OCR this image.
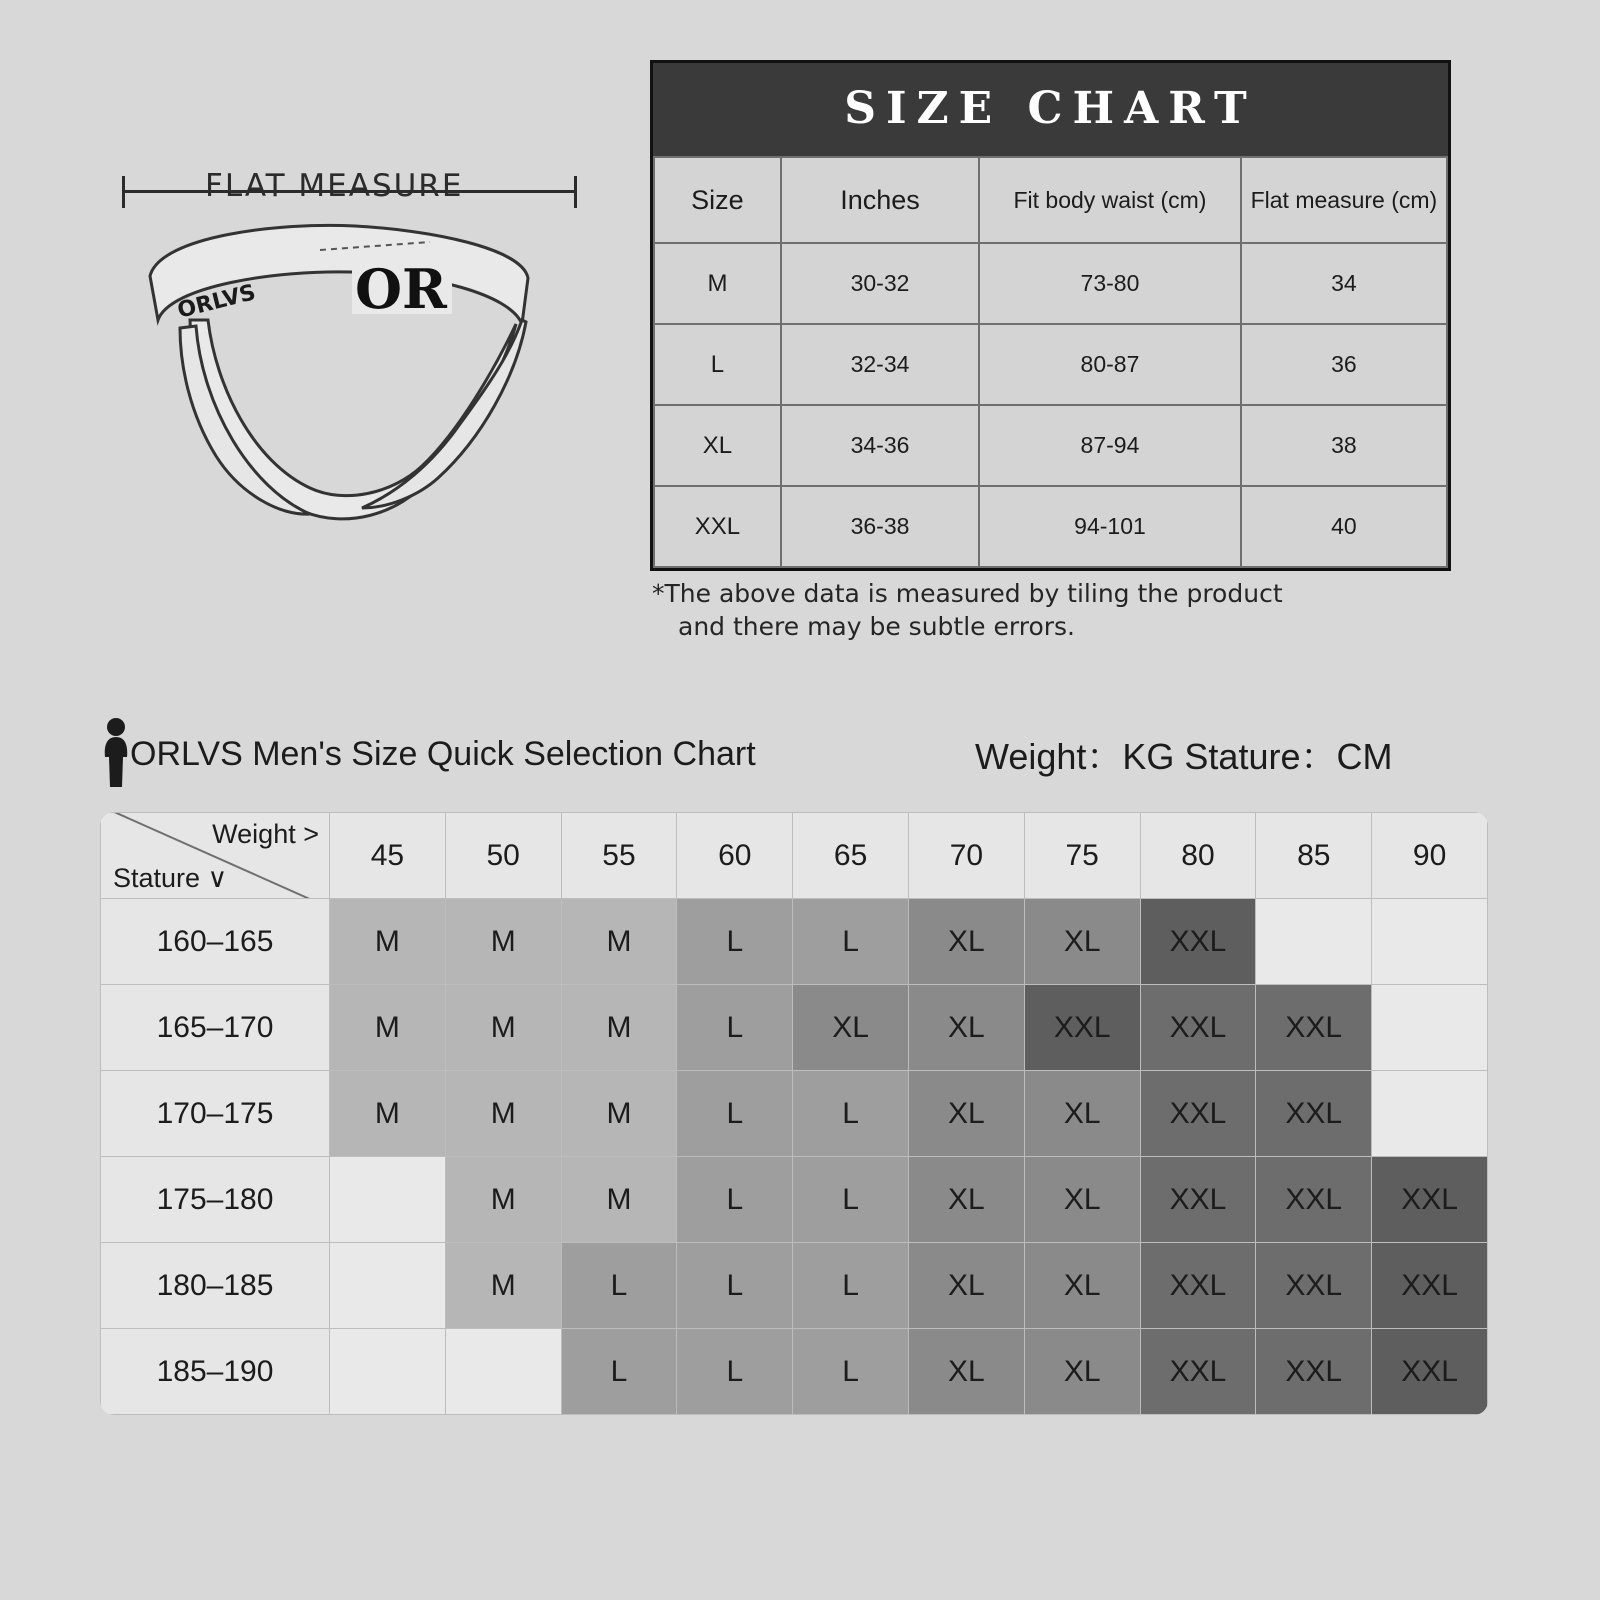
FLAT MEASURE
ORLVS OR
SIZE CHART
Size	Inches	Fit body waist (cm)	Flat measure (cm)
M	30-32	73-80	34
L	32-34	80-87	36
XL	34-36	87-94	38
XXL	36-38	94-101	40
*The above data is measured by tiling the product
and there may be subtle errors.
ORLVS Men's Size Quick Selection Chart	Weight：KG Stature：CM
Weight >
Stature ∨	45	50	55	60	65	70	75	80	85	90
160–165	M	M	M	L	L	XL	XL	XXL		
165–170	M	M	M	L	XL	XL	XXL	XXL	XXL	
170–175	M	M	M	L	L	XL	XL	XXL	XXL	
175–180		M	M	L	L	XL	XL	XXL	XXL	XXL
180–185		M	L	L	L	XL	XL	XXL	XXL	XXL
185–190			L	L	L	XL	XL	XXL	XXL	XXL
